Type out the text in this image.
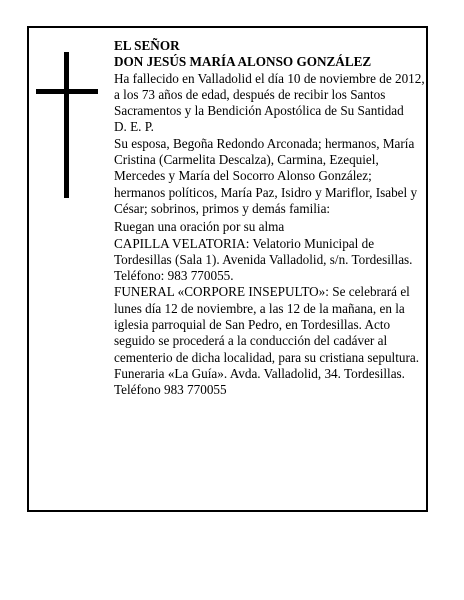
EL SEÑOR

DON JESÚS MARÍA ALONSO GONZÁLEZ

Ha fallecido en Valladolid el día 10 de noviembre de 2012, a los 73 años de edad, después de recibir los Santos Sacramentos y la Bendición Apostólica de Su Santidad

D. E. P.

Su esposa, Begoña Redondo Arconada; hermanos, María Cristina (Carmelita Descalza), Carmina, Ezequiel, Mercedes y María del Socorro Alonso González; hermanos políticos, María Paz, Isidro y Mariflor, Isabel y César; sobrinos, primos y demás familia:

Ruegan una oración por su alma

CAPILLA VELATORIA: Velatorio Municipal de Tordesillas (Sala 1). Avenida Valladolid, s/n. Tordesillas. Teléfono: 983 770055.

FUNERAL «CORPORE INSEPULTO»: Se celebrará el lunes día 12 de noviembre, a las 12 de la mañana, en la iglesia parroquial de San Pedro, en Tordesillas. Acto seguido se procederá a la conducción del cadáver al cementerio de dicha localidad, para su cristiana sepultura.

Funeraria «La Guía». Avda. Valladolid, 34. Tordesillas. Teléfono 983 770055
